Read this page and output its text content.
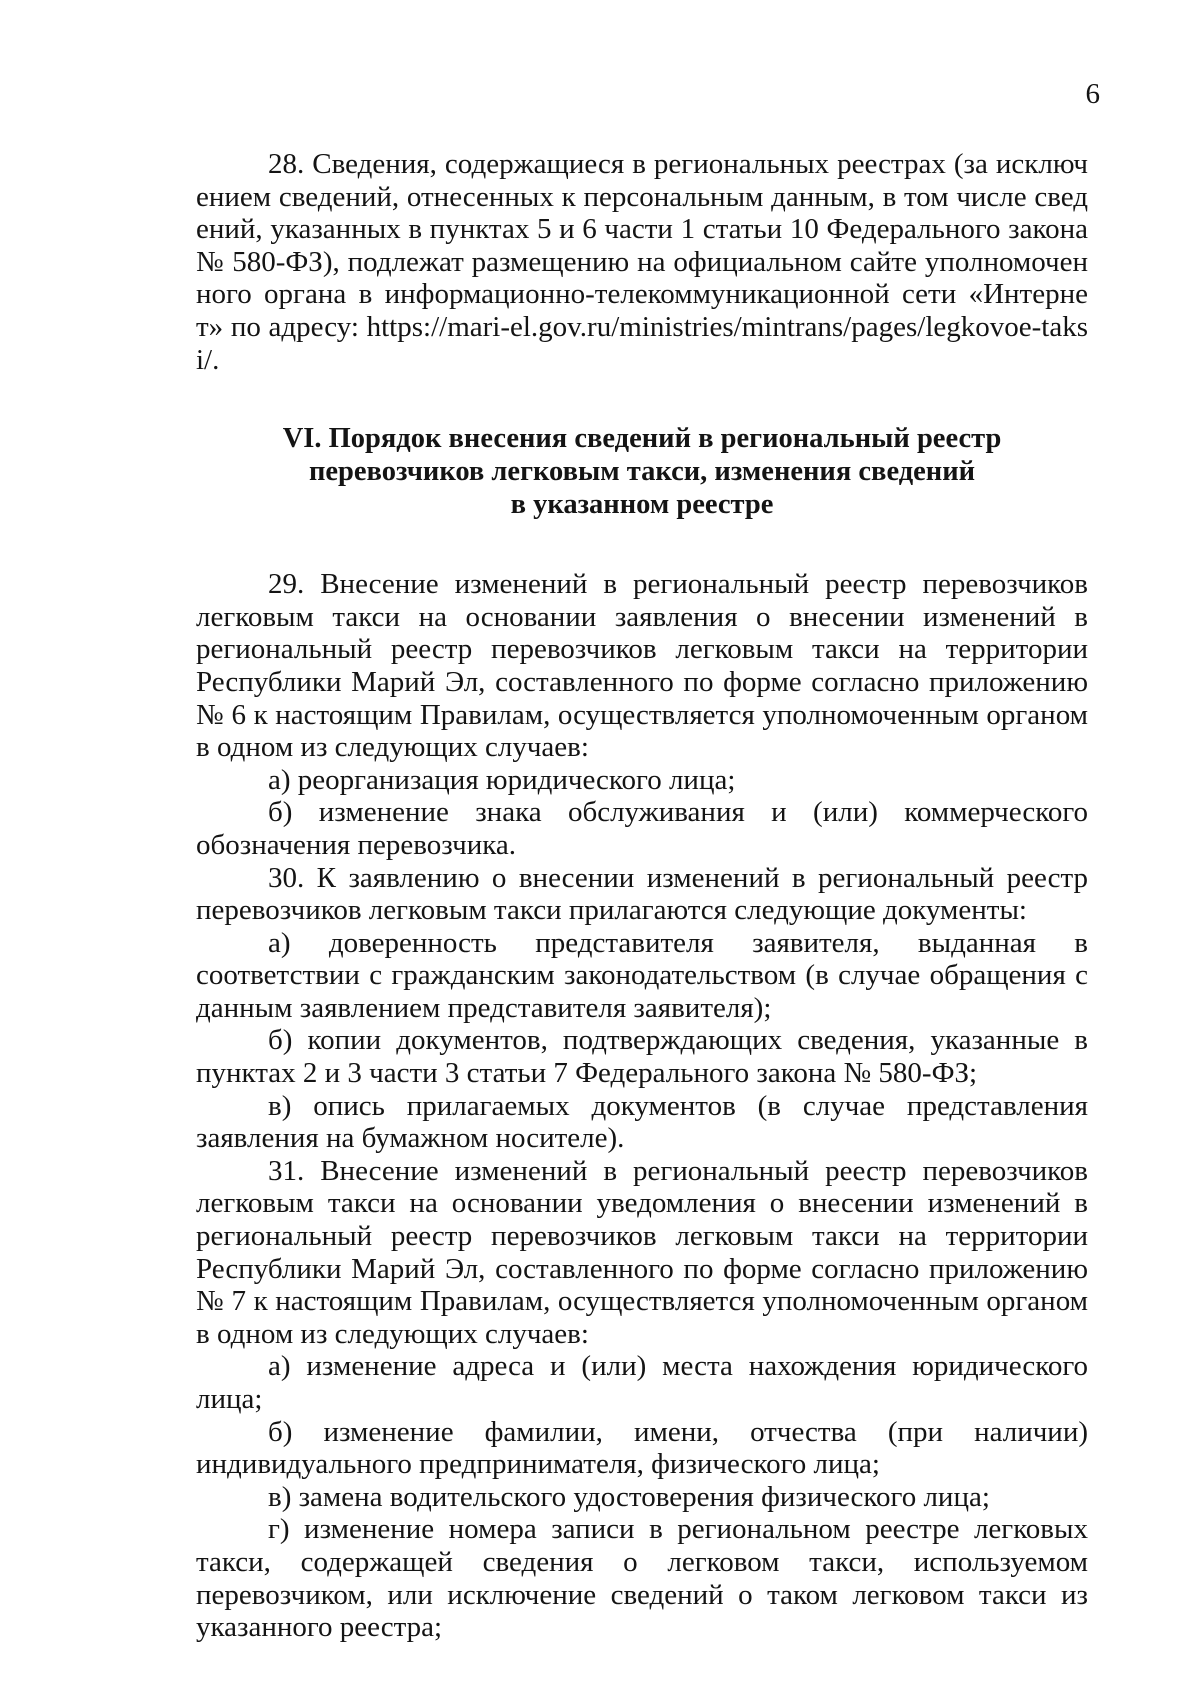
6

28. Сведения, содержащиеся в региональных реестрах (за исключением сведений, отнесенных к персональным данным, в том числе сведений, указанных в пунктах 5 и 6 части 1 статьи 10 Федерального закона № 580-ФЗ), подлежат размещению на официальном сайте уполномоченного органа в информационно-телекоммуникационной сети «Интернет» по адресу: https://mari-el.gov.ru/ministries/mintrans/pages/legkovoe-taksi/.

VI. Порядок внесения сведений в региональный реестр
перевозчиков легковым такси, изменения сведений
в указанном реестре

29. Внесение изменений в региональный реестр перевозчиков легковым такси на основании заявления о внесении изменений в региональный реестр перевозчиков легковым такси на территории Республики Марий Эл, составленного по форме согласно приложению № 6 к настоящим Правилам, осуществляется уполномоченным органом в одном из следующих случаев:

а) реорганизация юридического лица;

б) изменение знака обслуживания и (или) коммерческого обозначения перевозчика.

30. К заявлению о внесении изменений в региональный реестр перевозчиков легковым такси прилагаются следующие документы:

а) доверенность представителя заявителя, выданная в соответствии с гражданским законодательством (в случае обращения с данным заявлением представителя заявителя);

б) копии документов, подтверждающих сведения, указанные в пунктах 2 и 3 части 3 статьи 7 Федерального закона № 580-ФЗ;

в) опись прилагаемых документов (в случае представления заявления на бумажном носителе).

31. Внесение изменений в региональный реестр перевозчиков легковым такси на основании уведомления о внесении изменений в региональный реестр перевозчиков легковым такси на территории Республики Марий Эл, составленного по форме согласно приложению № 7 к настоящим Правилам, осуществляется уполномоченным органом в одном из следующих случаев:

а) изменение адреса и (или) места нахождения юридического лица;

б) изменение фамилии, имени, отчества (при наличии) индивидуального предпринимателя, физического лица;

в) замена водительского удостоверения физического лица;

г) изменение номера записи в региональном реестре легковых такси, содержащей сведения о легковом такси, используемом перевозчиком, или исключение сведений о таком легковом такси из указанного реестра;
